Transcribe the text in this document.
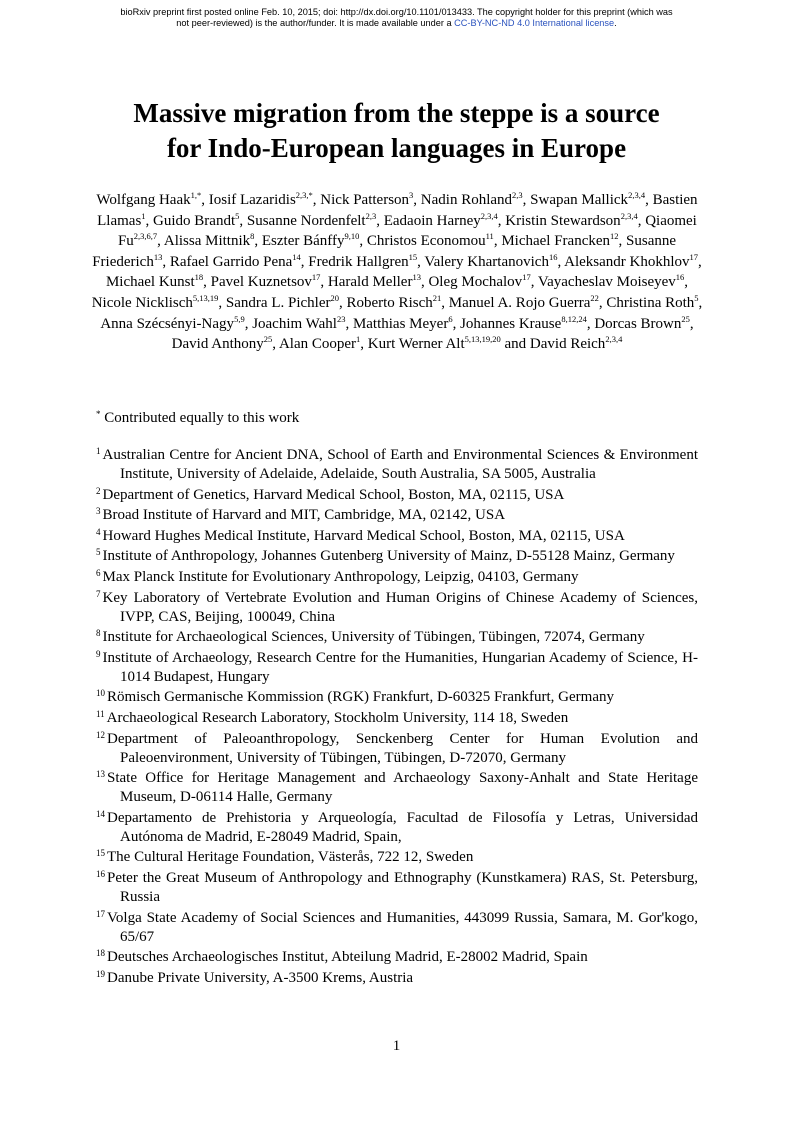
bioRxiv preprint first posted online Feb. 10, 2015; doi: http://dx.doi.org/10.1101/013433. The copyright holder for this preprint (which was
not peer-reviewed) is the author/funder. It is made available under a CC-BY-NC-ND 4.0 International license.
Massive migration from the steppe is a source
for Indo-European languages in Europe
Wolfgang Haak$^{1,*}$, Iosif Lazaridis$^{2,3,*}$, Nick Patterson$^3$, Nadin Rohland$^{2,3}$, Swapan Mallick$^{2,3,4}$, Bastien Llamas$^1$, Guido Brandt$^5$, Susanne Nordenfelt$^{2,3}$, Eadaoin Harney$^{2,3,4}$, Kristin Stewardson$^{2,3,4}$, Qiaomei Fu$^{2,3,6,7}$, Alissa Mittnik$^8$, Eszter Bánffy$^{9,10}$, Christos Economou$^{11}$, Michael Francken$^{12}$, Susanne Friederich$^{13}$, Rafael Garrido Pena$^{14}$, Fredrik Hallgren$^{15}$, Valery Khartanovich$^{16}$, Aleksandr Khokhlov$^{17}$, Michael Kunst$^{18}$, Pavel Kuznetsov$^{17}$, Harald Meller$^{13}$, Oleg Mochalov$^{17}$, Vayacheslav Moiseyev$^{16}$, Nicole Nicklisch$^{5,13,19}$, Sandra L. Pichler$^{20}$, Roberto Risch$^{21}$, Manuel A. Rojo Guerra$^{22}$, Christina Roth$^5$, Anna Szécsényi-Nagy$^{5,9}$, Joachim Wahl$^{23}$, Matthias Meyer$^6$, Johannes Krause$^{8,12,24}$, Dorcas Brown$^{25}$, David Anthony$^{25}$, Alan Cooper$^1$, Kurt Werner Alt$^{5,13,19,20}$ and David Reich$^{2,3,4}$
* Contributed equally to this work
$^1$ Australian Centre for Ancient DNA, School of Earth and Environmental Sciences & Environment Institute, University of Adelaide, Adelaide, South Australia, SA 5005, Australia
$^2$ Department of Genetics, Harvard Medical School, Boston, MA, 02115, USA
$^3$ Broad Institute of Harvard and MIT, Cambridge, MA, 02142, USA
$^4$ Howard Hughes Medical Institute, Harvard Medical School, Boston, MA, 02115, USA
$^5$ Institute of Anthropology, Johannes Gutenberg University of Mainz, D-55128 Mainz, Germany
$^6$ Max Planck Institute for Evolutionary Anthropology, Leipzig, 04103, Germany
$^7$ Key Laboratory of Vertebrate Evolution and Human Origins of Chinese Academy of Sciences, IVPP, CAS, Beijing, 100049, China
$^8$ Institute for Archaeological Sciences, University of Tübingen, Tübingen, 72074, Germany
$^9$ Institute of Archaeology, Research Centre for the Humanities, Hungarian Academy of Science, H-1014 Budapest, Hungary
$^{10}$ Römisch Germanische Kommission (RGK) Frankfurt, D-60325 Frankfurt, Germany
$^{11}$ Archaeological Research Laboratory, Stockholm University, 114 18, Sweden
$^{12}$ Department of Paleoanthropology, Senckenberg Center for Human Evolution and Paleoenvironment, University of Tübingen, Tübingen, D-72070, Germany
$^{13}$ State Office for Heritage Management and Archaeology Saxony-Anhalt and State Heritage Museum, D-06114 Halle, Germany
$^{14}$ Departamento de Prehistoria y Arqueología, Facultad de Filosofía y Letras, Universidad Autónoma de Madrid, E-28049 Madrid, Spain,
$^{15}$ The Cultural Heritage Foundation, Västerås, 722 12, Sweden
$^{16}$ Peter the Great Museum of Anthropology and Ethnography (Kunstkamera) RAS, St. Petersburg, Russia
$^{17}$ Volga State Academy of Social Sciences and Humanities, 443099 Russia, Samara, M. Gor'kogo, 65/67
$^{18}$ Deutsches Archaeologisches Institut, Abteilung Madrid, E-28002 Madrid, Spain
$^{19}$ Danube Private University, A-3500 Krems, Austria
1
